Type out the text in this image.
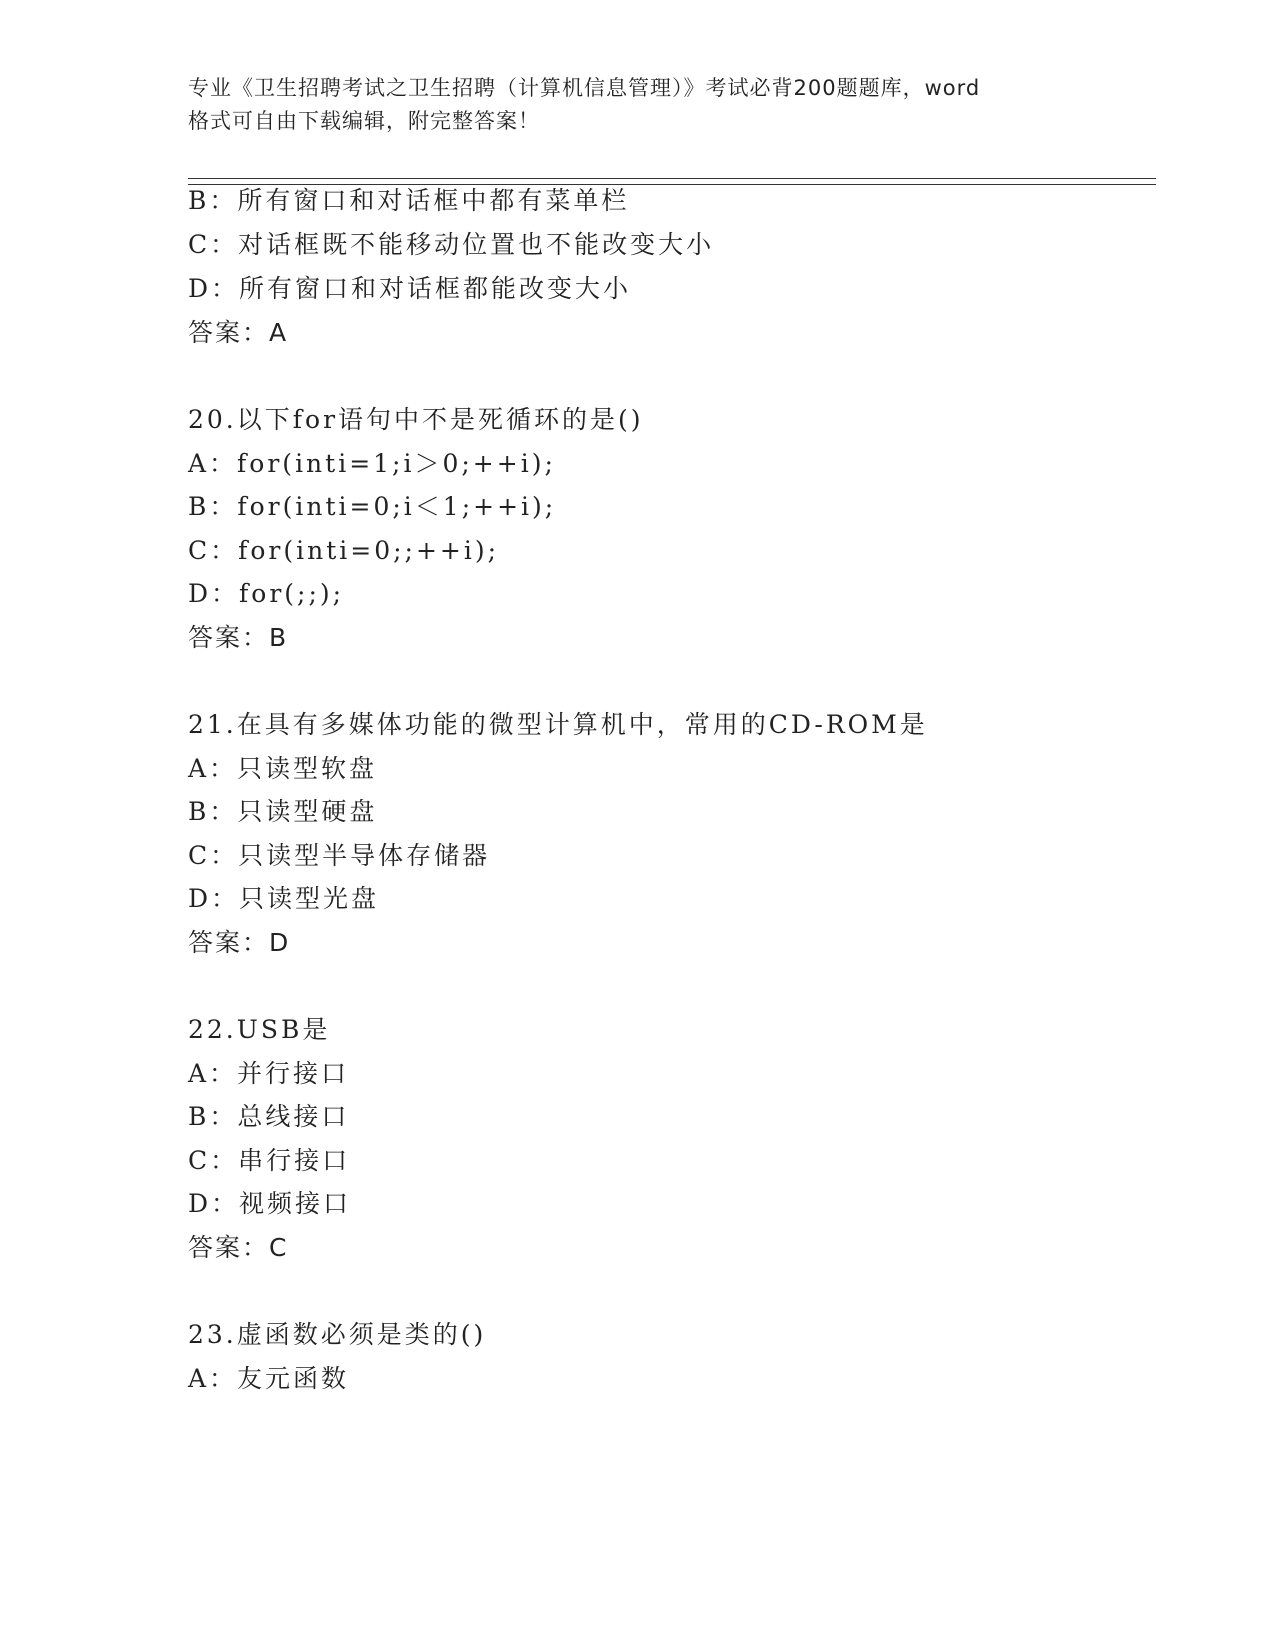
专业《卫生招聘考试之卫生招聘（计算机信息管理）》考试必背200题题库，word
格式可自由下载编辑，附完整答案！
B：所有窗口和对话框中都有菜单栏
C：对话框既不能移动位置也不能改变大小
D：所有窗口和对话框都能改变大小
答案：A
20.以下for语句中不是死循环的是()
A：for(inti=1;i＞0;++i);
B：for(inti=0;i＜1;++i);
C：for(inti=0;;++i);
D：for(;;);
答案：B
21.在具有多媒体功能的微型计算机中，常用的CD-ROM是
A：只读型软盘
B：只读型硬盘
C：只读型半导体存储器
D：只读型光盘
答案：D
22.USB是
A：并行接口
B：总线接口
C：串行接口
D：视频接口
答案：C
23.虚函数必须是类的()
A：友元函数
